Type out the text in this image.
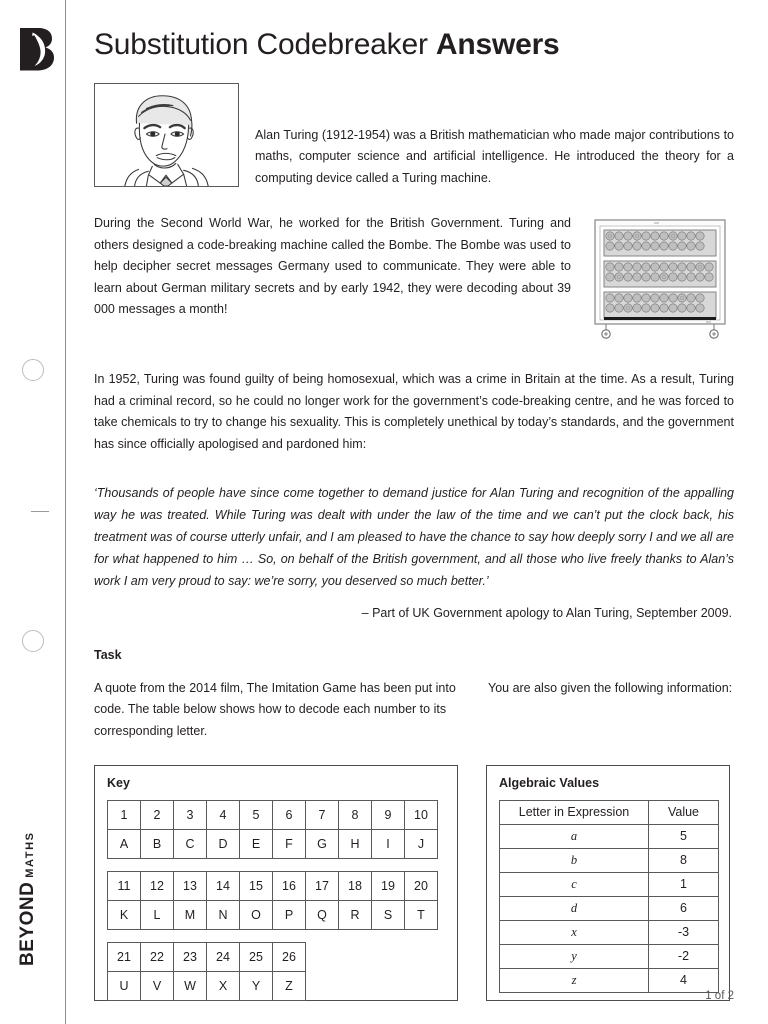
BEYONDMATHS
Substitution Codebreaker Answers

Alan Turing (1912-1954) was a British mathematician who made major contributions to maths, computer science and artificial intelligence. He introduced the theory for a computing device called a Turing machine.

During the Second World War, he worked for the British Government. Turing and others designed a code-breaking machine called the Bombe. The Bombe was used to help decipher secret messages Germany used to communicate. They were able to learn about German military secrets and by early 1942, they were decoding about 39 000 messages a month!

In 1952, Turing was found guilty of being homosexual, which was a crime in Britain at the time. As a result, Turing had a criminal record, so he could no longer work for the government’s code-breaking centre, and he was forced to take chemicals to try to change his sexuality. This is completely unethical by today’s standards, and the government has since officially apologised and pardoned him:

‘Thousands of people have since come together to demand justice for Alan Turing and recognition of the appalling way he was treated. While Turing was dealt with under the law of the time and we can’t put the clock back, his treatment was of course utterly unfair, and I am pleased to have the chance to say how deeply sorry I and we all are for what happened to him … So, on behalf of the British government, and all those who live freely thanks to Alan’s work I am very proud to say: we’re sorry, you deserved so much better.’

– Part of UK Government apology to Alan Turing, September 2009.

Task

A quote from the 2014 film, The Imitation Game has been put into code. The table below shows how to decode each number to its corresponding letter.

You are also given the following information:

Key
1	2	3	4	5	6	7	8	9	10
A	B	C	D	E	F	G	H	I	J
11	12	13	14	15	16	17	18	19	20
K	L	M	N	O	P	Q	R	S	T
21	22	23	24	25	26
U	V	W	X	Y	Z
Algebraic Values
Letter in Expression	Value
a	5
b	8
c	1
d	6
x	-3
y	-2
z	4
1 of 2
